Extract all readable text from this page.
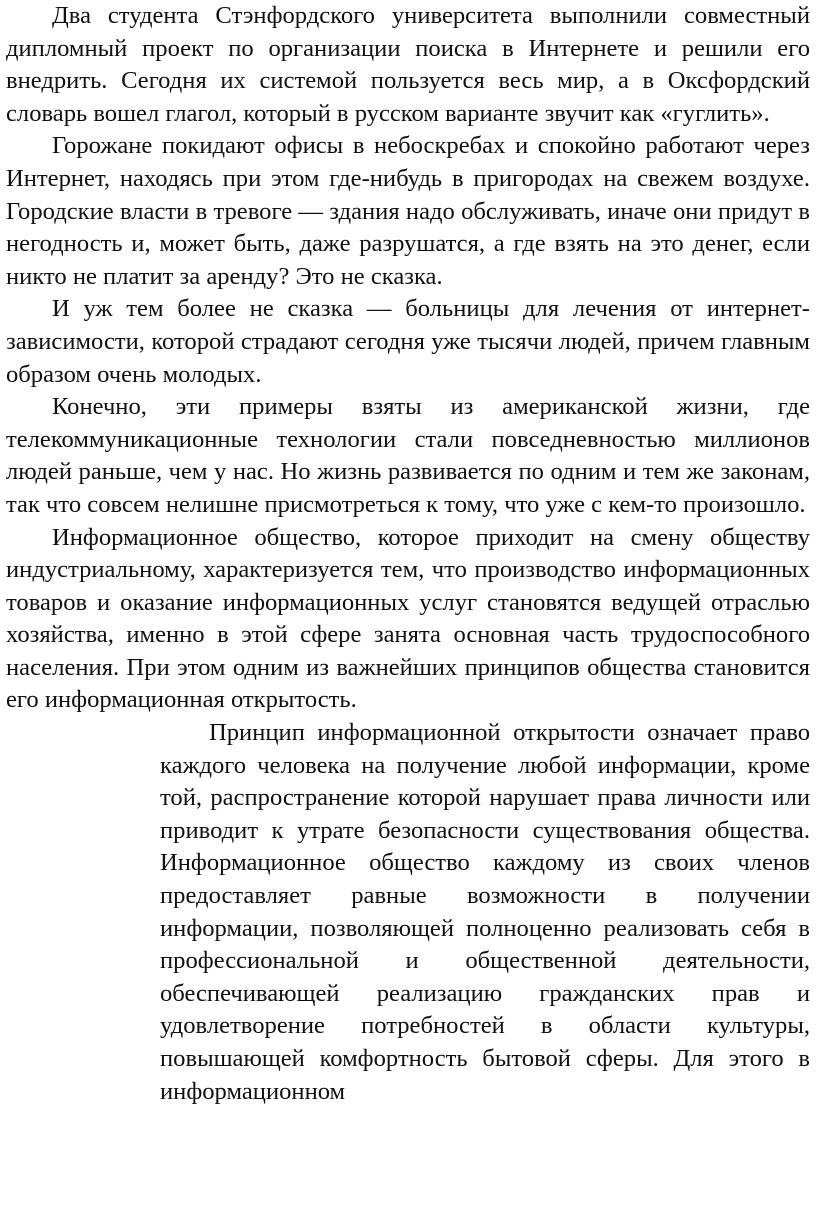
Два студента Стэнфордского университета выполнили совместный дипломный проект по организации поиска в Интернете и решили его внедрить. Сегодня их системой пользуется весь мир, а в Оксфордский словарь вошел глагол, который в русском варианте звучит как «гуглить».

Горожане покидают офисы в небоскребах и спокойно работают через Интернет, находясь при этом где-нибудь в пригородах на свежем воздухе. Городские власти в тревоге — здания надо обслуживать, иначе они придут в негодность и, может быть, даже разрушатся, а где взять на это денег, если никто не платит за аренду? Это не сказка.

И уж тем более не сказка — больницы для лечения от интернет-зависимости, которой страдают сегодня уже тысячи людей, причем главным образом очень молодых.

Конечно, эти примеры взяты из американской жизни, где телекоммуникационные технологии стали повседневностью миллионов людей раньше, чем у нас. Но жизнь развивается по одним и тем же законам, так что совсем нелишне присмотреться к тому, что уже с кем-то произошло.

Информационное общество, которое приходит на смену обществу индустриальному, характеризуется тем, что производство информационных товаров и оказание информационных услуг становятся ведущей отраслью хозяйства, именно в этой сфере занята основная часть трудоспособного населения. При этом одним из важнейших принципов общества становится его информационная открытость.

Принцип информационной открытости означает право каждого человека на получение любой информации, кроме той, распространение которой нарушает права личности или приводит к утрате безопасности существования общества. Информационное общество каждому из своих членов предоставляет равные возможности в получении информации, позволяющей полноценно реализовать себя в профессиональной и общественной деятельности, обеспечивающей реализацию гражданских прав и удовлетворение потребностей в области культуры, повышающей комфортность бытовой сферы. Для этого в информационном
